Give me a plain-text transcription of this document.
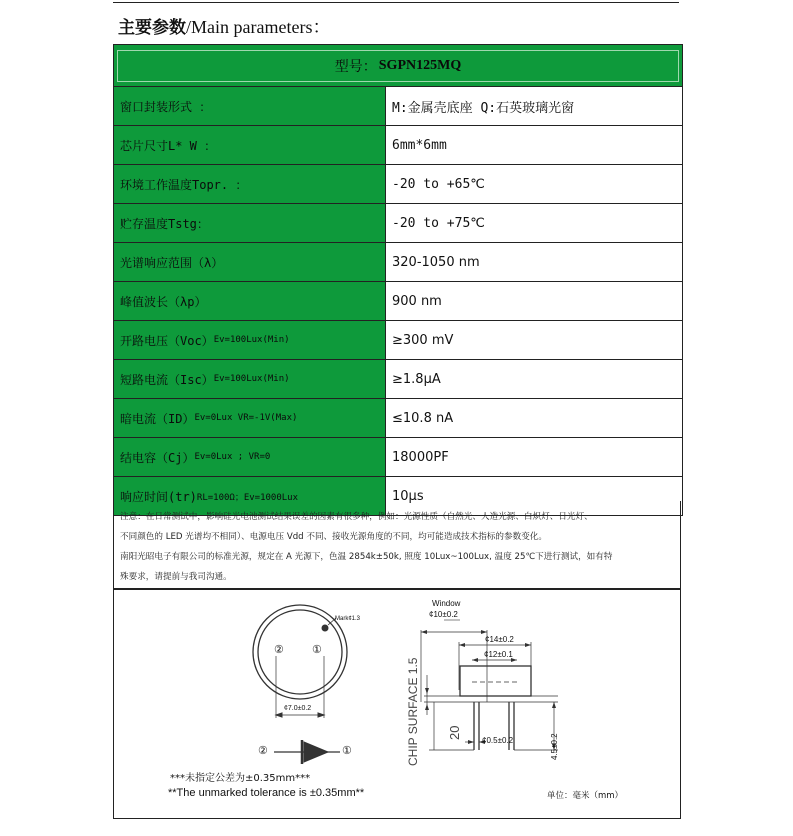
主要参数/Main parameters：
型号： SGPN125MQ
窗口封装形式 ：	M:金属壳底座 Q:石英玻璃光窗
芯片尺寸L* W ：	6mm*6mm
环境工作温度Topr. ：	-20 to +65℃
贮存温度Tstg：	-20 to +75℃
光谱响应范围（λ）	320-1050 nm
峰值波长（λp）	900 nm
开路电压（Voc） Ev=100Lux(Min)	≥300 mV
短路电流（Isc） Ev=100Lux(Min)	≥1.8μA
暗电流（ID） Ev=0Lux VR=-1V(Max)	≤10.8 nA
结电容（Cj） Ev=0Lux ; VR=0	18000PF
响应时间(tr) RL=100Ω；Ev=1000Lux	10μs
注意：在日常测试中，影响硅光电池测试结果误差的因素有很多种，例如：光源性质（自然光、人造光源、白炽灯、日光灯、
不同颜色的 LED 光谱均不相同）、电源电压 Vdd 不同、接收光源角度的不同，均可能造成技术指标的参数变化。
南阳光昭电子有限公司的标准光源，规定在 A 光源下，色温 2854k±50k, 照度 10Lux~100Lux, 温度 25℃下进行测试，如有特
殊要求，请提前与我司沟通。
Mark¢1.3
②	①
¢7.0±0.2
②	①
Window
¢10±0.2
¢14±0.2
¢12±0.1
CHIP SURFACE 1.5 20
¢0.5±0.2	4.5±0.2
***未指定公差为±0.35mm***
**The unmarked tolerance is ±0.35mm**	单位：毫米（mm）
